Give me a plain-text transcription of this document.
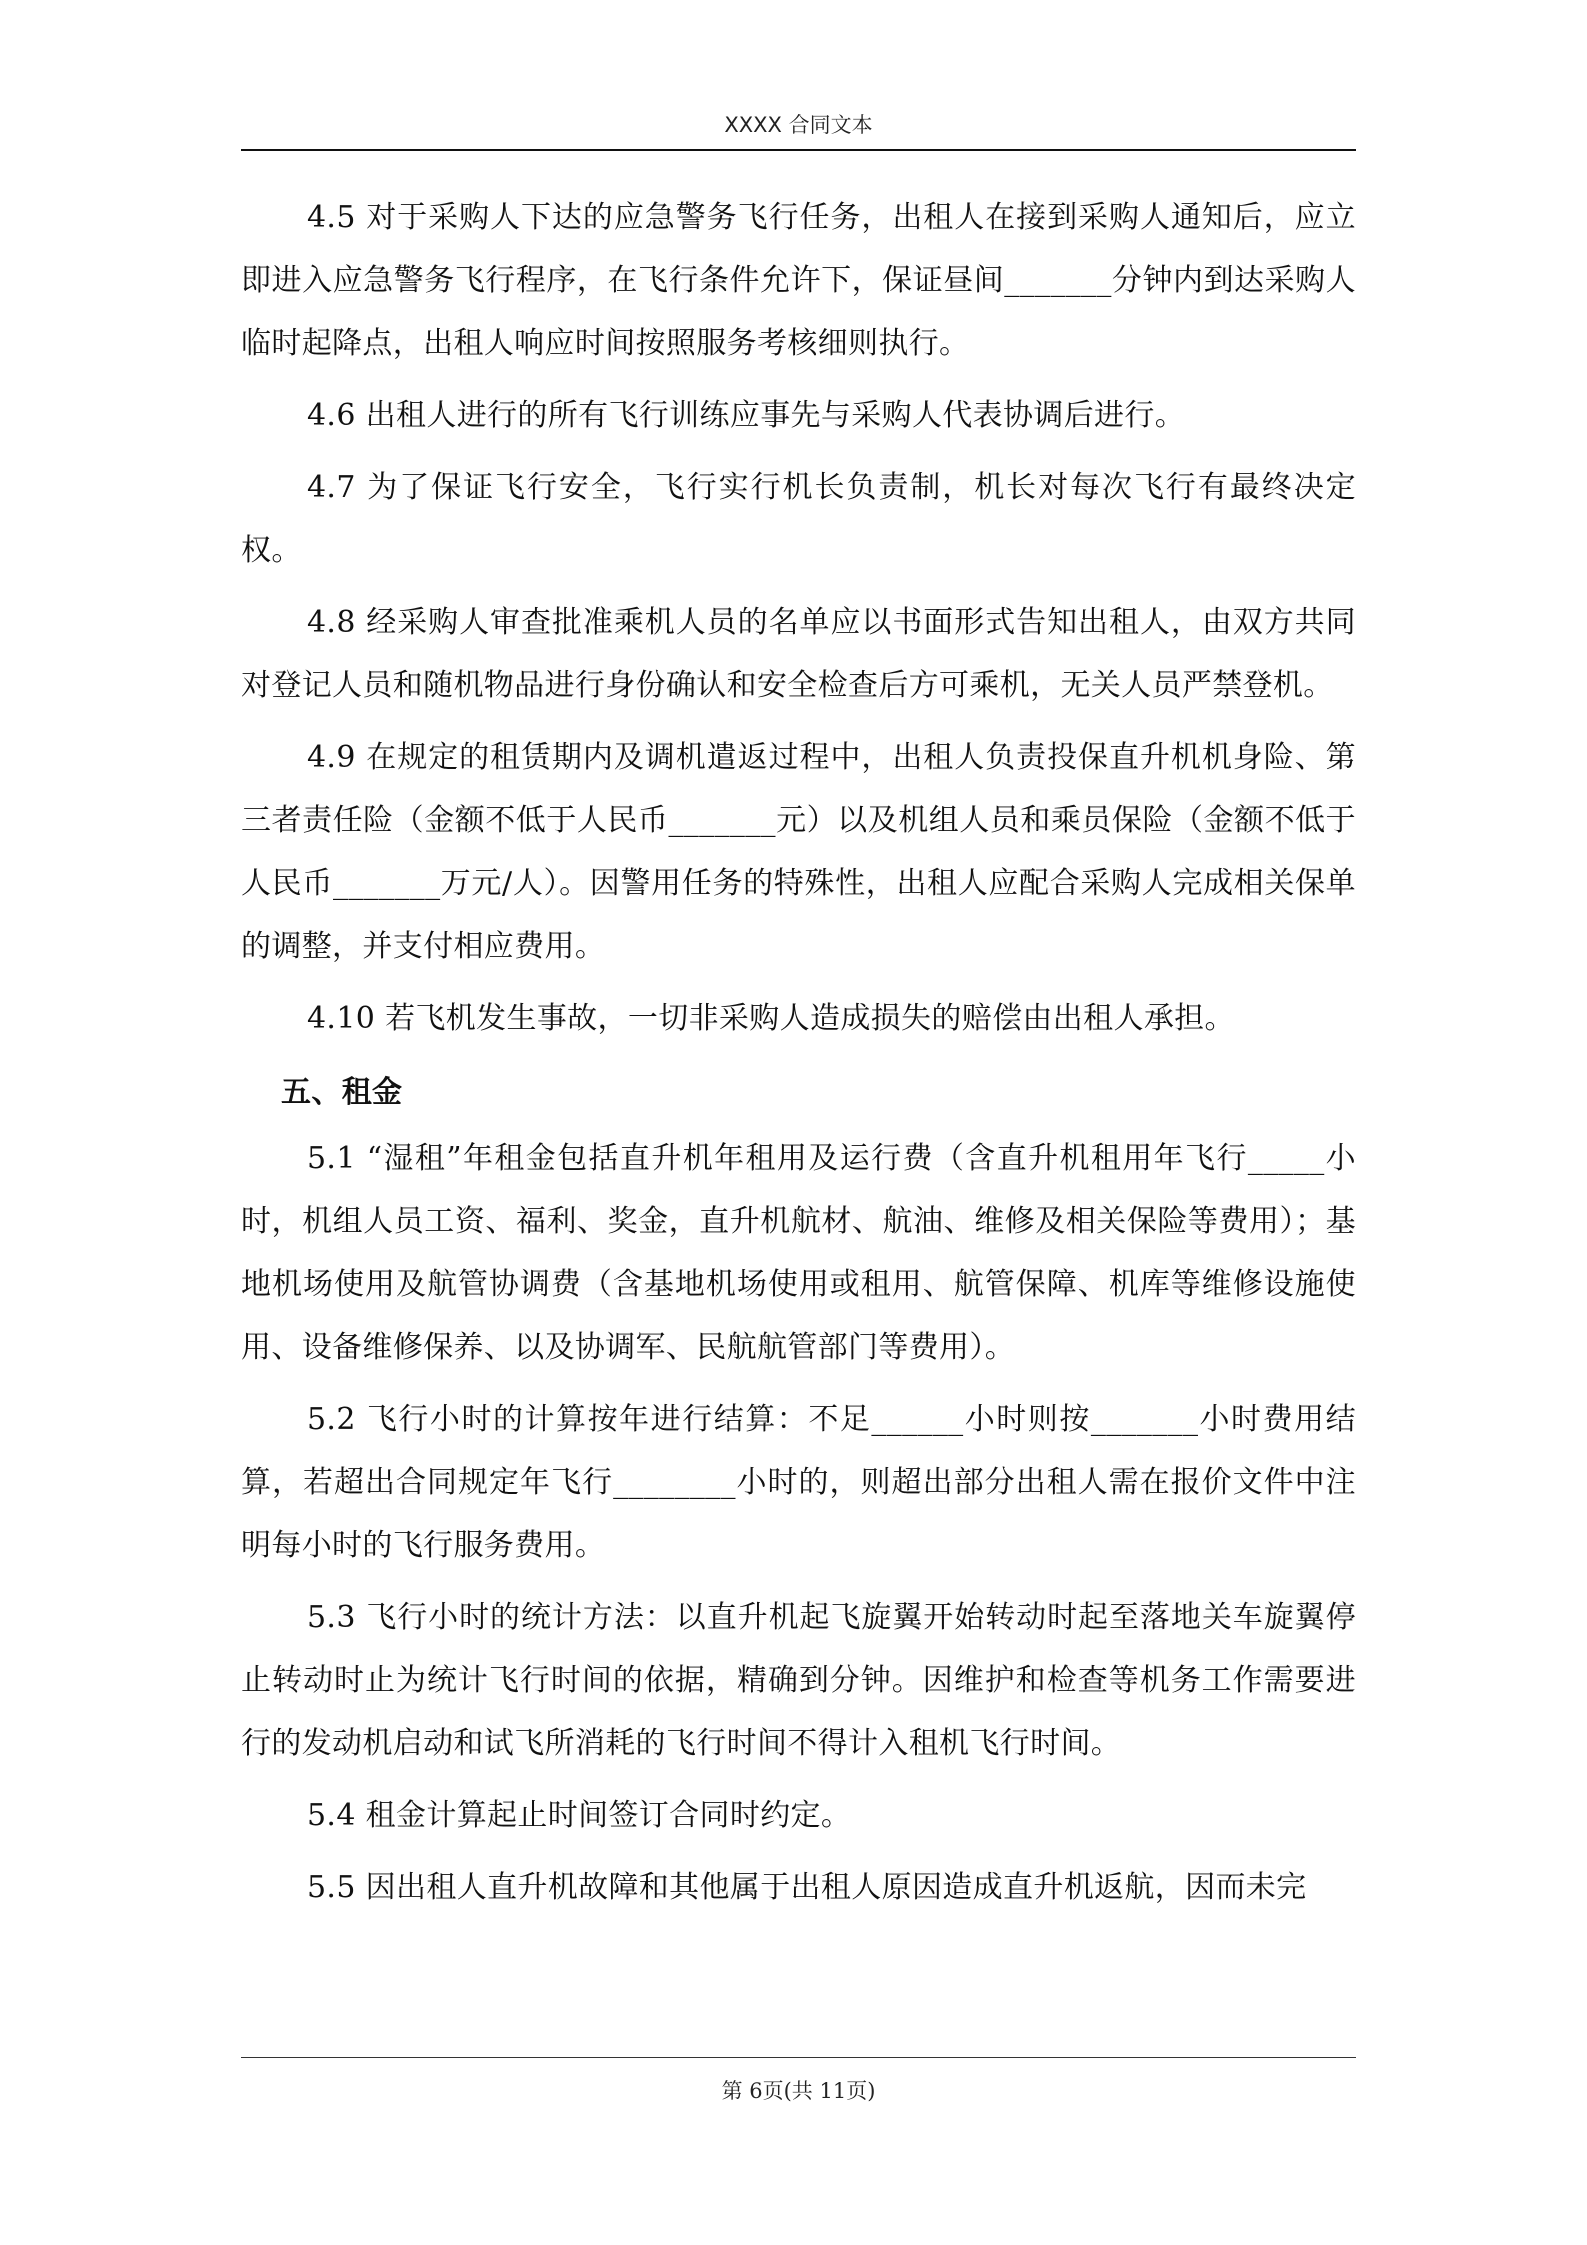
XXXX 合同文本

4.5 对于采购人下达的应急警务飞行任务，出租人在接到采购人通知后，应立即进入应急警务飞行程序，在飞行条件允许下，保证昼间_______分钟内到达采购人临时起降点，出租人响应时间按照服务考核细则执行。

4.6 出租人进行的所有飞行训练应事先与采购人代表协调后进行。

4.7 为了保证飞行安全，飞行实行机长负责制，机长对每次飞行有最终决定权。

4.8 经采购人审查批准乘机人员的名单应以书面形式告知出租人，由双方共同对登记人员和随机物品进行身份确认和安全检查后方可乘机，无关人员严禁登机。

4.9 在规定的租赁期内及调机遣返过程中，出租人负责投保直升机机身险、第三者责任险（金额不低于人民币_______元）以及机组人员和乘员保险（金额不低于人民币_______万元/人）。因警用任务的特殊性，出租人应配合采购人完成相关保单的调整，并支付相应费用。

4.10 若飞机发生事故，一切非采购人造成损失的赔偿由出租人承担。

五、租金

5.1 “湿租”年租金包括直升机年租用及运行费（含直升机租用年飞行_____小时，机组人员工资、福利、奖金，直升机航材、航油、维修及相关保险等费用）；基地机场使用及航管协调费（含基地机场使用或租用、航管保障、机库等维修设施使用、设备维修保养、以及协调军、民航航管部门等费用）。

5.2 飞行小时的计算按年进行结算：不足______小时则按_______小时费用结算，若超出合同规定年飞行________小时的，则超出部分出租人需在报价文件中注明每小时的飞行服务费用。

5.3 飞行小时的统计方法：以直升机起飞旋翼开始转动时起至落地关车旋翼停止转动时止为统计飞行时间的依据，精确到分钟。因维护和检查等机务工作需要进行的发动机启动和试飞所消耗的飞行时间不得计入租机飞行时间。

5.4 租金计算起止时间签订合同时约定。

5.5 因出租人直升机故障和其他属于出租人原因造成直升机返航，因而未完

第 6页(共 11页)
